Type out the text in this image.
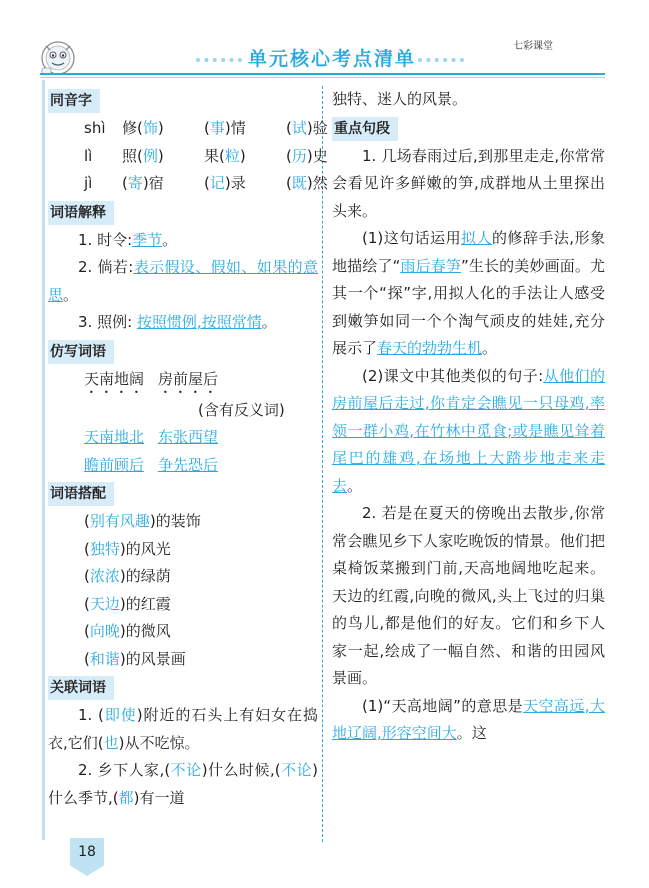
单元核心考点清单
七彩课堂
同音字
shì 修(饰)	(事)情	(试)验
lì 照(例)	果(粒)	(历)史
jì (寄)宿	(记)录	(既)然
词语解释
1. 时令:季节。
2. 倘若:表示假设、假如、如果的意思。
3. 照例: 按照惯例,按照常情。
仿写词语
天南地阔 房前屋后
(含有反义词)
天南地北 东张西望
瞻前顾后 争先恐后
词语搭配
(别有风趣)的装饰
(独特)的风光
(浓浓)的绿荫
(天边)的红霞
(向晚)的微风
(和谐)的风景画
关联词语
1. (即使)附近的石头上有妇女在捣衣,它们(也)从不吃惊。
2. 乡下人家,(不论)什么时候,(不论)什么季节,(都)有一道
独特、迷人的风景。
重点句段
1. 几场春雨过后,到那里走走,你常常会看见许多鲜嫩的笋,成群地从土里探出头来。
(1)这句话运用拟人的修辞手法,形象地描绘了“雨后春笋”生长的美妙画面。尤其一个“探”字,用拟人化的手法让人感受到嫩笋如同一个个淘气顽皮的娃娃,充分展示了春天的勃勃生机。
(2)课文中其他类似的句子:从他们的房前屋后走过,你肯定会瞧见一只母鸡,率领一群小鸡,在竹林中觅食;或是瞧见耸着尾巴的雄鸡,在场地上大踏步地走来走去。
2. 若是在夏天的傍晚出去散步,你常常会瞧见乡下人家吃晚饭的情景。他们把桌椅饭菜搬到门前,天高地阔地吃起来。天边的红霞,向晚的微风,头上飞过的归巢的鸟儿,都是他们的好友。它们和乡下人家一起,绘成了一幅自然、和谐的田园风景画。
(1)“天高地阔”的意思是天空高远,大地辽阔,形容空间大。这
18
